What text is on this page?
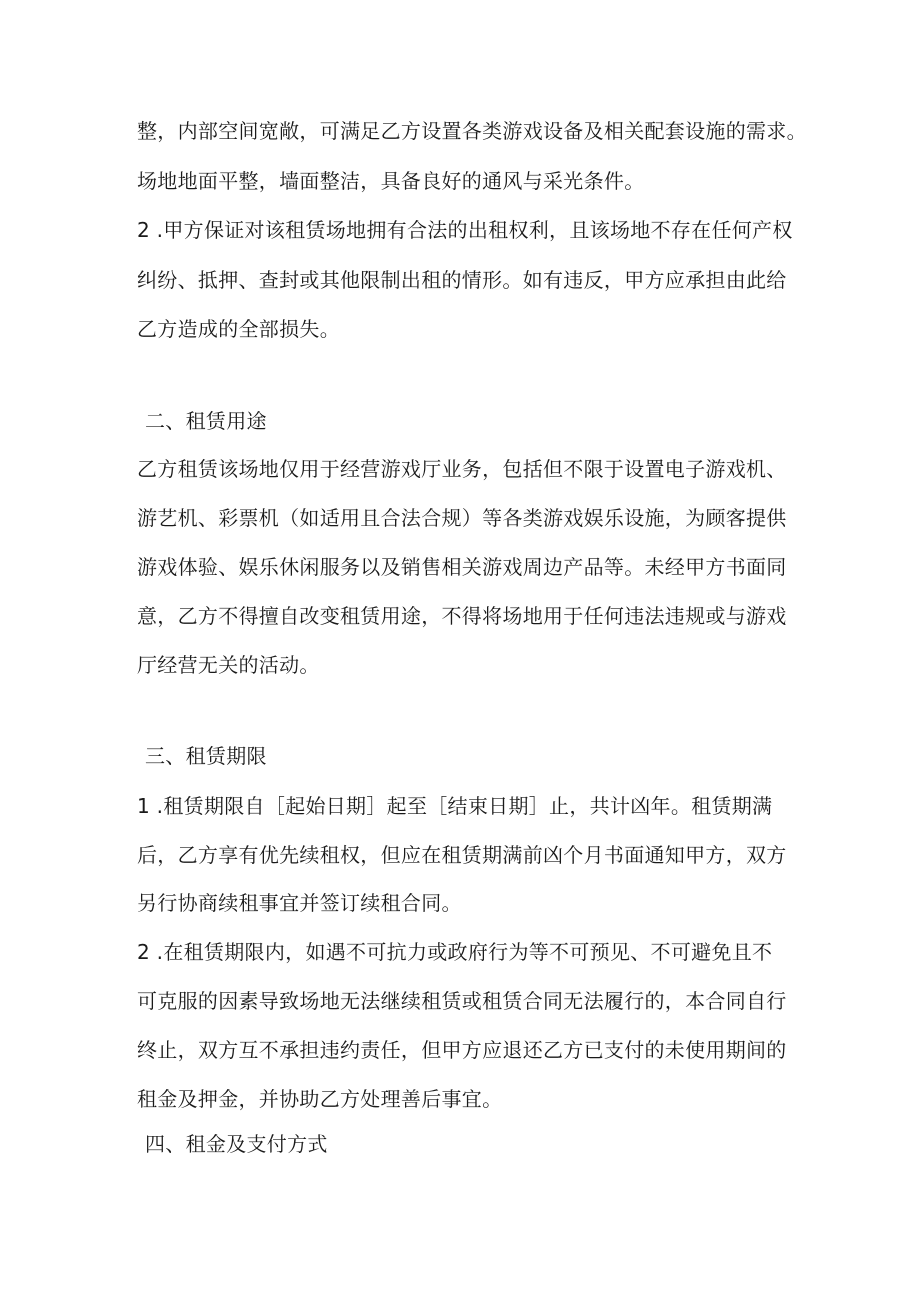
整，内部空间宽敞，可满足乙方设置各类游戏设备及相关配套设施的需求。
场地地面平整，墙面整洁，具备良好的通风与采光条件。
2 .甲方保证对该租赁场地拥有合法的出租权利，且该场地不存在任何产权
纠纷、抵押、查封或其他限制出租的情形。如有违反，甲方应承担由此给
乙方造成的全部损失。
二、租赁用途
乙方租赁该场地仅用于经营游戏厅业务，包括但不限于设置电子游戏机、
游艺机、彩票机（如适用且合法合规）等各类游戏娱乐设施，为顾客提供
游戏体验、娱乐休闲服务以及销售相关游戏周边产品等。未经甲方书面同
意，乙方不得擅自改变租赁用途，不得将场地用于任何违法违规或与游戏
厅经营无关的活动。
三、租赁期限
1 .租赁期限自［起始日期］起至［结束日期］止，共计凶年。租赁期满
后，乙方享有优先续租权，但应在租赁期满前凶个月书面通知甲方，双方
另行协商续租事宜并签订续租合同。
2 .在租赁期限内，如遇不可抗力或政府行为等不可预见、不可避免且不
可克服的因素导致场地无法继续租赁或租赁合同无法履行的，本合同自行
终止，双方互不承担违约责任，但甲方应退还乙方已支付的未使用期间的
租金及押金，并协助乙方处理善后事宜。
四、租金及支付方式
